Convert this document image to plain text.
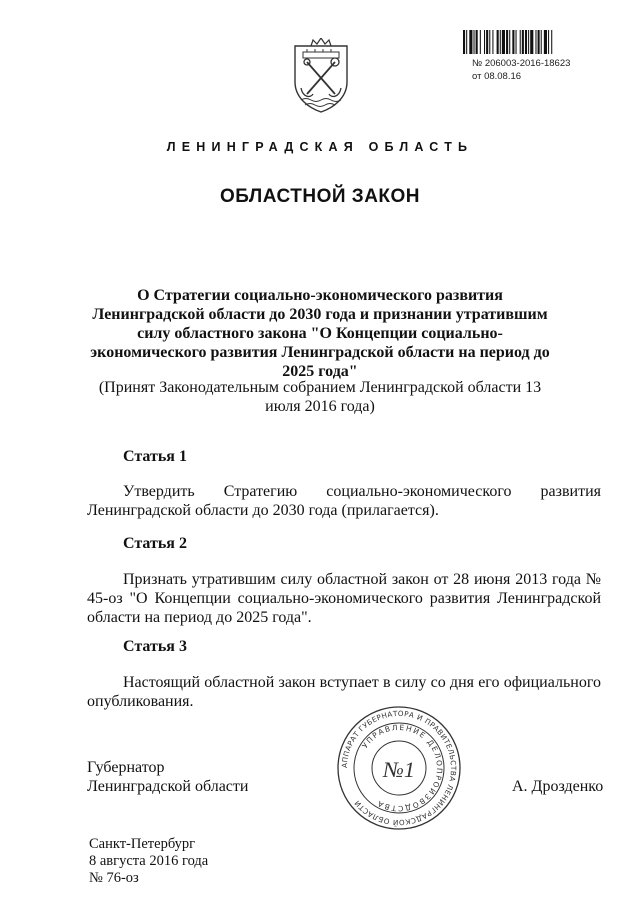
№ 206003-2016-18623
от 08.08.16
ЛЕНИНГРАДСКАЯ ОБЛАСТЬ
ОБЛАСТНОЙ ЗАКОН
О Стратегии социально-экономического развития Ленинградской области до 2030 года и признании утратившим силу областного закона "О Концепции социально-экономического развития Ленинградской области на период до 2025 года"
(Принят Законодательным собранием Ленинградской области 13 июля 2016 года)
Статья 1
Утвердить Стратегию социально-экономического развития Ленинградской области до 2030 года (прилагается).
Статья 2
Признать утратившим силу областной закон от 28 июня 2013 года № 45-оз "О Концепции социально-экономического развития Ленинградской области на период до 2025 года".
Статья 3
Настоящий областной закон вступает в силу со дня его официального опубликования.
Губернатор
Ленинградской области	А. Дрозденко
АППАРАТ ГУБЕРНАТОРА И ПРАВИТЕЛЬСТВА ЛЕНИНГРАДСКОЙ ОБЛАСТИ
УПРАВЛЕНИЕ ДЕЛОПРОИЗВОДСТВА
№1
Санкт-Петербург
8 августа 2016 года
№ 76-оз
